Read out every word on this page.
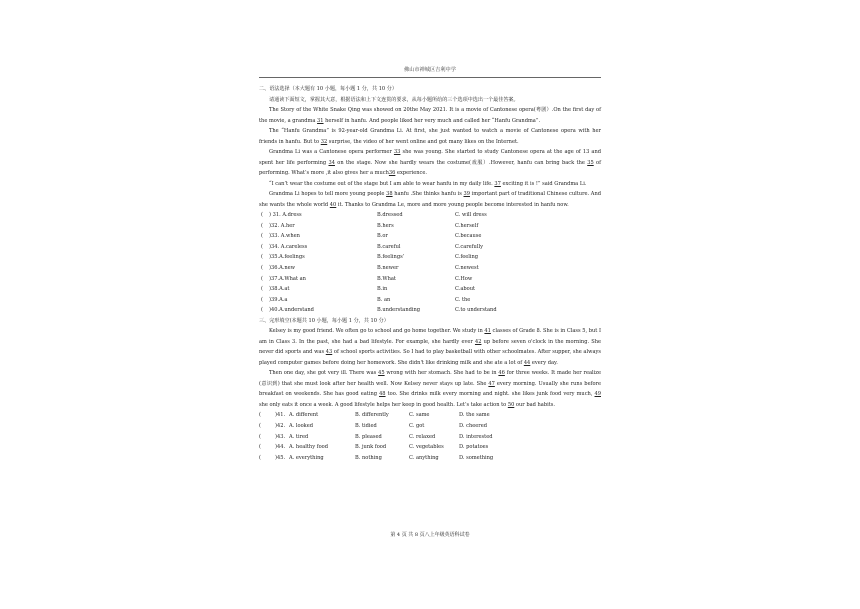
佛山市禅城区吉利中学
二、语法选择（本大题有 10 小题，每小题 1 分，共 10 分）
请通读下面短文，掌握其大意，根据语法和上下文连贯的要求，从每小题所给的三个选项中选出一个最佳答案。
The Story of the White Snake Qing was showed on 20the May 2021. It is a movie of Cantonese opera(粤剧）.On the first day of the movie, a grandma 31 herself in hanfu. And people liked her very much and called her “Hanfu Grandma”.
The “Hanfu Grandma” is 92-year-old Grandma Li. At first, she just wanted to watch a movie of Cantonese opera with her friends in hanfu. But to 32 surprise, the video of her went online and got many likes on the Internet.
Grandma Li was a Cantonese opera performer 33 she was young. She started to study Cantonese opera at the age of 13 and spent her life performing 34 on the stage. Now she hardly wears the costume(戏服）.However, hanfu can bring back the 35 of performing. What’s more ,it also gives her a much36 experience.
“I can’t wear the costume out of the stage but I am able to wear hanfu in my daily life. 37 exciting it is !” said Grandma Li.
Grandma Li hopes to tell more young people 38 hanfu .She thinks hanfu is 39 important part of traditional Chinese culture. And she wants the whole world 40 it. Thanks to Grandma Le, more and more young people become interested in hanfu now.
(	) 31. A.dress	B.dressed	C. will dress
(	)32. A.her	B.hers	C.herself
(	)33. A.when	B.or	C.because
(	)34. A.careless	B.careful	C.carefully
(	)35.A.feelings	B.feelings’	C.feeling
(	)36.A.new	B.newer	C.newest
(	)37.A.What an	B.What	C.How
(	)38.A.at	B.in	C.about
(	)39.A.a	B. an	C. the
(	)40.A.understand	B.understanding	C.to understand
三、完形填空(本题共 10 小题，每小题 1 分，共 10 分）
Kelsey is my good friend. We often go to school and go home together. We study in 41 classes of Grade 8. She is in Class 5, but I am in Class 3. In the past, she had a bad lifestyle. For example, she hardly ever 42 up before seven o'clock in the morning. She never did sports and was 43 of school sports activities. So I had to play basketball with other schoolmates. After supper, she always played computer games before doing her homework. She didn't like drinking milk and she ate a lot of 44 every day.
Then one day, she got very ill. There was 45 wrong with her stomach. She had to be in 46 for three weeks. It made her realize (意识到) that she must look after her health well. Now Kelsey never stays up late. She 47 every morning. Usually she runs before breakfast on weekends. She has good eating 48 too. She drinks milk every morning and night. she likes junk food very much, 49 she only eats it once a week. A good lifestyle helps her keep in good health. Let’s take action to 50 our bad habits.
(	)41. A. different	B. differently	C. same	D. the same
(	)42. A. looked	B. tidied	C. got	D. cheered
(	)43. A. tired	B. pleased	C. relaxed	D. interested
(	)44. A. healthy food	B. junk food	C. vegetables	D. potatoes
(	)45. A. everything	B. nothing	C. anything	D. something
第 4 页 共 8 页八上年级英语科试卷
